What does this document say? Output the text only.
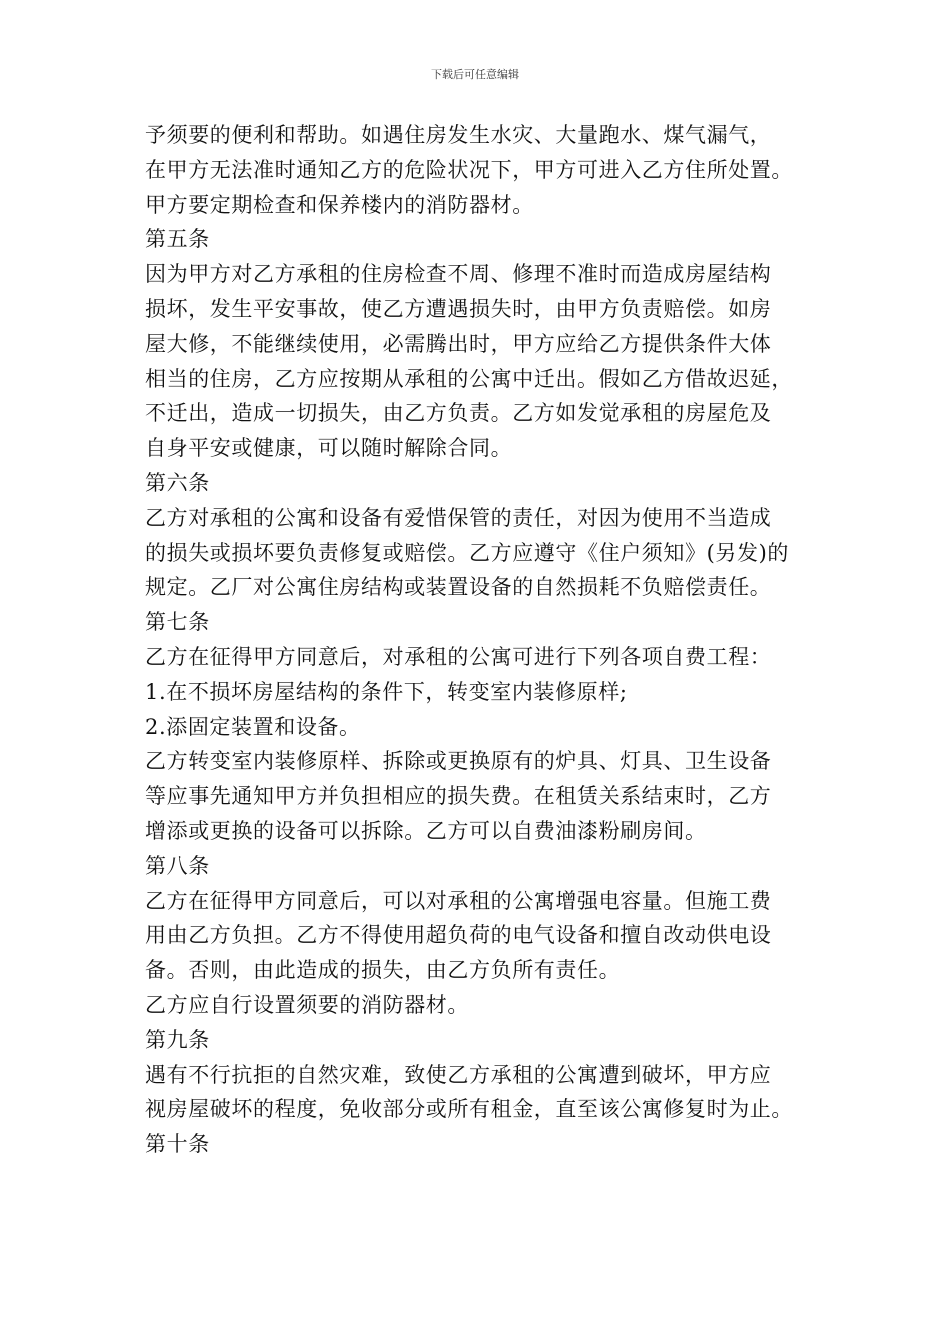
下载后可任意编辑
予须要的便利和帮助。如遇住房发生水灾、大量跑水、煤气漏气，
在甲方无法准时通知乙方的危险状况下，甲方可进入乙方住所处置。
甲方要定期检查和保养楼内的消防器材。
第五条
因为甲方对乙方承租的住房检查不周、修理不准时而造成房屋结构
损坏，发生平安事故，使乙方遭遇损失时，由甲方负责赔偿。如房
屋大修，不能继续使用，必需腾出时，甲方应给乙方提供条件大体
相当的住房，乙方应按期从承租的公寓中迁出。假如乙方借故迟延，
不迁出，造成一切损失，由乙方负责。乙方如发觉承租的房屋危及
自身平安或健康，可以随时解除合同。
第六条
乙方对承租的公寓和设备有爱惜保管的责任，对因为使用不当造成
的损失或损坏要负责修复或赔偿。乙方应遵守《住户须知》(另发)的
规定。乙厂对公寓住房结构或装置设备的自然损耗不负赔偿责任。
第七条
乙方在征得甲方同意后，对承租的公寓可进行下列各项自费工程：
1.在不损坏房屋结构的条件下，转变室内装修原样;
2.添固定装置和设备。
乙方转变室内装修原样、拆除或更换原有的炉具、灯具、卫生设备
等应事先通知甲方并负担相应的损失费。在租赁关系结束时，乙方
增添或更换的设备可以拆除。乙方可以自费油漆粉刷房间。
第八条
乙方在征得甲方同意后，可以对承租的公寓增强电容量。但施工费
用由乙方负担。乙方不得使用超负荷的电气设备和擅自改动供电设
备。否则，由此造成的损失，由乙方负所有责任。
乙方应自行设置须要的消防器材。
第九条
遇有不行抗拒的自然灾难，致使乙方承租的公寓遭到破坏，甲方应
视房屋破坏的程度，免收部分或所有租金，直至该公寓修复时为止。
第十条
